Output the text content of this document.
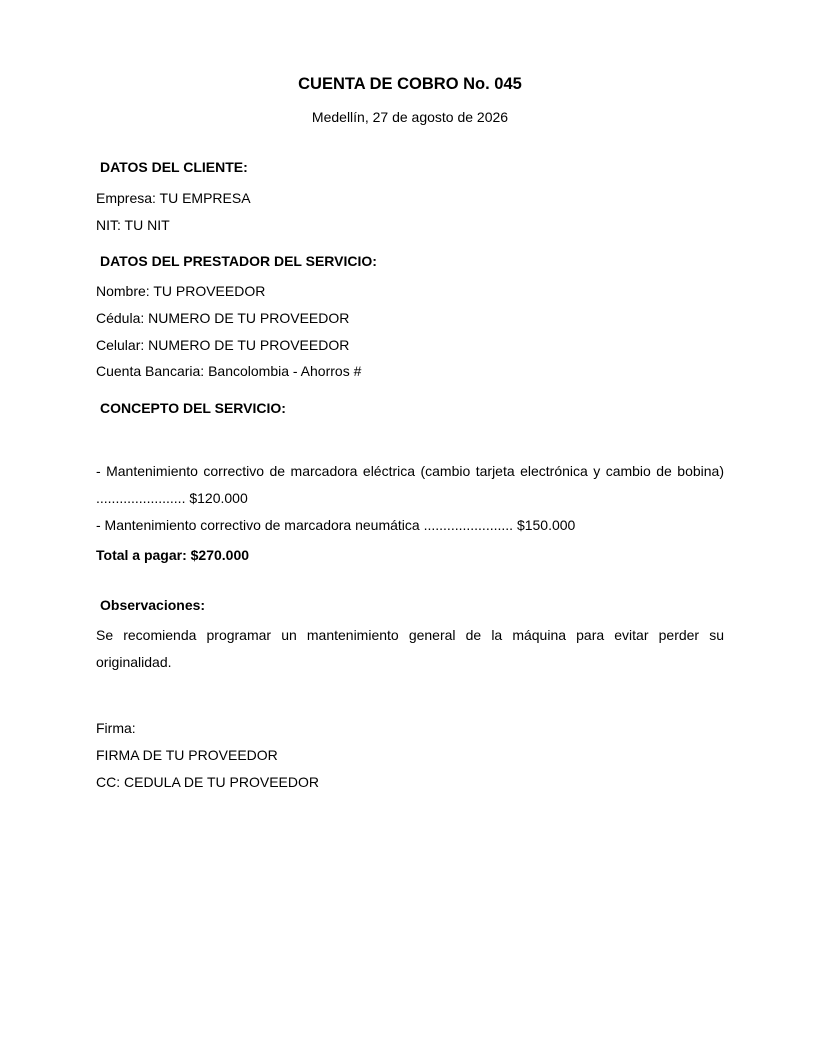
CUENTA DE COBRO No. 045

Medellín, 27 de agosto de 2026

DATOS DEL CLIENTE:

Empresa: TU EMPRESA

NIT: TU NIT

DATOS DEL PRESTADOR DEL SERVICIO:

Nombre: TU PROVEEDOR

Cédula: NUMERO DE TU PROVEEDOR

Celular: NUMERO DE TU PROVEEDOR

Cuenta Bancaria: Bancolombia - Ahorros #

CONCEPTO DEL SERVICIO:

- Mantenimiento correctivo de marcadora eléctrica (cambio tarjeta electrónica y cambio de bobina)

....................... $120.000

- Mantenimiento correctivo de marcadora neumática ....................... $150.000

Total a pagar: $270.000

Observaciones:

Se recomienda programar un mantenimiento general de la máquina para evitar perder su

originalidad.

Firma:

FIRMA DE TU PROVEEDOR

CC: CEDULA DE TU PROVEEDOR
